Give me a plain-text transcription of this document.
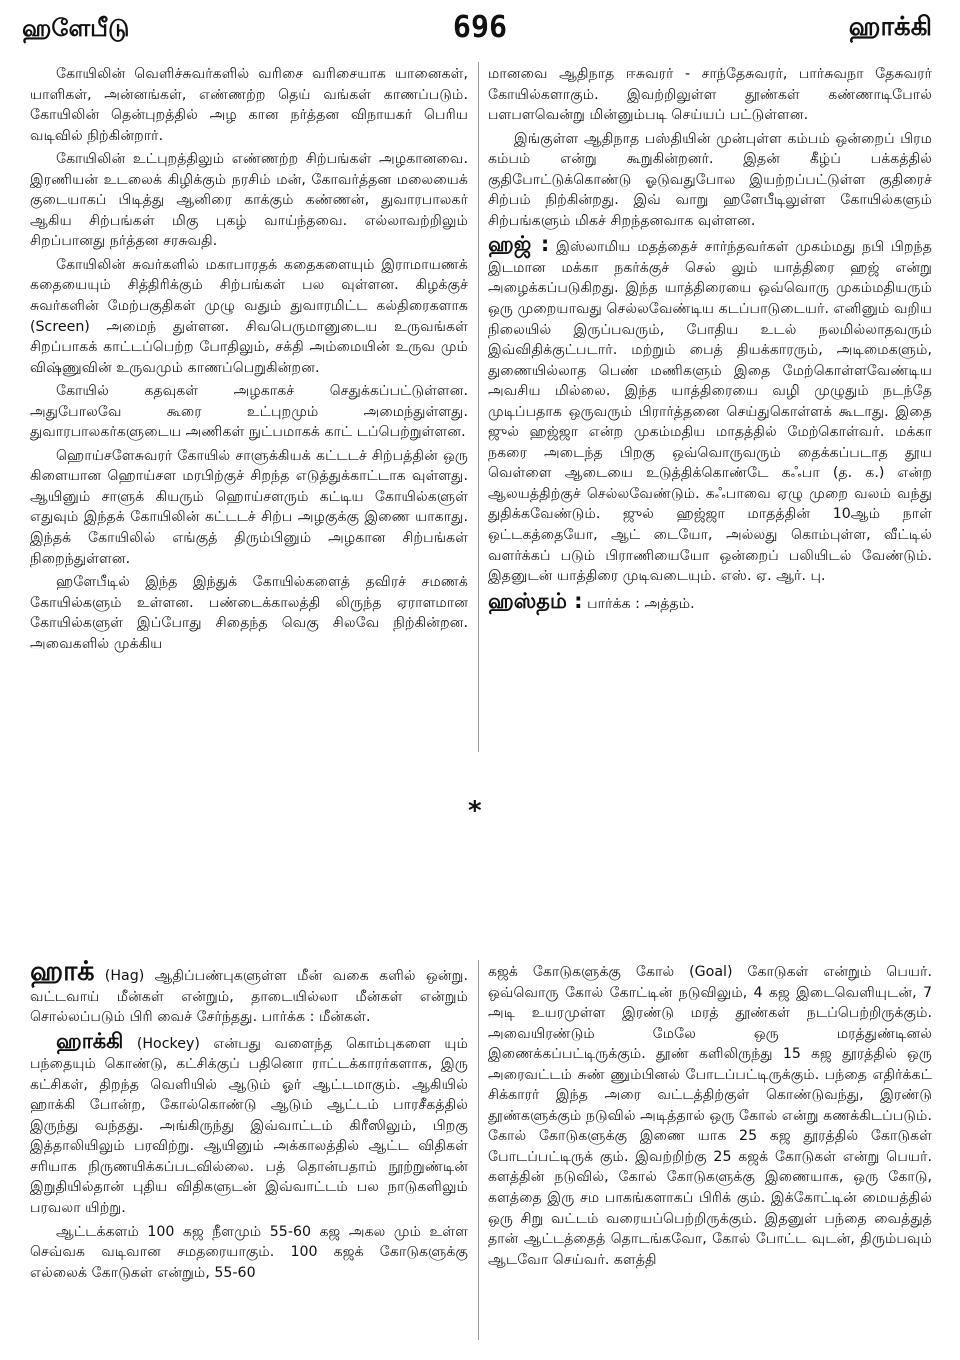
ஹளேபீடு	696	ஹாக்கி

கோயிலின் வெளிச்சுவர்களில் வரிசை வரிசையாக யானைகள், யாளிகள், அன்னங்கள், எண்ணற்ற தெய் வங்கள் காணப்படும். கோயிலின் தென்புறத்தில் அழ கான நர்த்தன விநாயகர் பெரிய வடிவில் நிற்கின்றார்.

கோயிலின் உட்புறத்திலும் எண்ணற்ற சிற்பங்கள் அழகானவை. இரணியன் உடலைக் கிழிக்கும் நரசிம் மன், கோவர்த்தன மலையைக் குடையாகப் பிடித்து ஆனிரை காக்கும் கண்ணன், துவாரபாலகர் ஆகிய சிற்பங்கள் மிகு புகழ் வாய்ந்தவை. எல்லாவற்றிலும் சிறப்பானது நர்த்தன சரசுவதி.

கோயிலின் சுவர்களில் மகாபாரதக் கதைகளையும் இராமாயணக் கதையையும் சித்திரிக்கும் சிற்பங்கள் பல வுள்ளன. கிழக்குச் சுவர்களின் மேற்பகுதிகள் முழு வதும் துவாரமிட்ட கல்திரைகளாக (Screen) அமைந் துள்ளன. சிவபெருமானுடைய உருவங்கள் சிறப்பாகக் காட்டப்பெற்ற போதிலும், சக்தி அம்மையின் உருவ மும் விஷ்ணுவின் உருவமும் காணப்பெறுகின்றன.

கோயில் கதவுகள் அழகாகச் செதுக்கப்பட்டுள்ளன. அதுபோலவே கூரை உட்புறமும் அமைந்துள்ளது. துவாரபாலகர்களுடைய அணிகள் நுட்பமாகக் காட் டப்பெற்றுள்ளன.

ஹொய்சளேசுவரர் கோயில் சாளுக்கியக் கட்டடச் சிற்பத்தின் ஒரு கிளையான ஹொய்சள மரபிற்குச் சிறந்த எடுத்துக்காட்டாக வுள்ளது. ஆயினும் சாளுக் கியரும் ஹொய்சளரும் கட்டிய கோயில்களுள் எதுவும் இந்தக் கோயிலின் கட்டடச் சிற்ப அழகுக்கு இணை யாகாது. இந்தக் கோயிலில் எங்குத் திரும்பினும் அழகான சிற்பங்கள் நிறைந்துள்ளன.

ஹளேபீடில் இந்த இந்துக் கோயில்களைத் தவிரச் சமணக் கோயில்களும் உள்ளன. பண்டைக்காலத்தி லிருந்த ஏராளமான கோயில்களுள் இப்போது சிதைந்த வெகு சிலவே நிற்கின்றன. அவைகளில் முக்கிய

மானவை ஆதிநாத ஈசுவரர் - சாந்தேசுவரர், பார்சுவநா தேசுவரர் கோயில்களாகும். இவற்றிலுள்ள தூண்கள் கண்ணாடிபோல் பளபளவென்று மின்னும்படி செய்யப் பட்டுள்ளன.

இங்குள்ள ஆதிநாத பஸ்தியின் முன்புள்ள கம்பம் ஒன்றைப் பிரம கம்பம் என்று கூறுகின்றனர். இதன் கீழ்ப் பக்கத்தில் குதிபோட்டுக்கொண்டு ஓடுவதுபோல இயற்றப்பட்டுள்ள குதிரைச் சிற்பம் நிற்கின்றது. இவ் வாறு ஹளேபீடிலுள்ள கோயில்களும் சிற்பங்களும் மிகச் சிறந்தனவாக வுள்ளன.

ஹஜ் : இஸ்லாமிய மதத்தைச் சார்ந்தவர்கள் முகம்மது நபி பிறந்த இடமான மக்கா நகர்க்குச் செல் லும் யாத்திரை ஹஜ் என்று அழைக்கப்படுகிறது. இந்த யாத்திரையை ஒவ்வொரு முகம்மதியரும் ஒரு முறையாவது செல்லவேண்டிய கடப்பாடுடையர். எனினும் வறிய நிலையில் இருப்பவரும், போதிய உடல் நலமில்லாதவரும் இவ்விதிக்குட்படார். மற்றும் பைத் தியக்காரரும், அடிமைகளும், துணையில்லாத பெண் மணிகளும் இதை மேற்கொள்ளவேண்டிய அவசிய மில்லை. இந்த யாத்திரையை வழி முழுதும் நடந்தே முடிப்பதாக ஒருவரும் பிரார்த்தனை செய்துகொள்ளக் கூடாது. இதை ஜுல் ஹஜ்ஜா என்ற முகம்மதிய மாதத்தில் மேற்கொள்வர். மக்கா நகரை அடைந்த பிறகு ஒவ்வொருவரும் தைக்கப்படாத தூய வெள்ளை ஆடையை உடுத்திக்கொண்டே கஃபா (த. க.) என்ற ஆலயத்திற்குச் செல்லவேண்டும். கஃபாவை ஏழு முறை வலம் வந்து துதிக்கவேண்டும். ஜுல் ஹஜ்ஜா மாதத்தின் 10ஆம் நாள் ஒட்டகத்தையோ, ஆட் டையோ, அல்லது கொம்புள்ள, வீட்டில் வளர்க்கப் படும் பிராணியையோ ஒன்றைப் பலியிடல் வேண்டும். இதனுடன் யாத்திரை முடிவடையும். எஸ். ஏ. ஆர். பு.

ஹஸ்தம் : பார்க்க : அத்தம்.

*

ஹாக் (Hag) ஆதிப்பண்புகளுள்ள மீன் வகை களில் ஒன்று. வட்டவாய் மீன்கள் என்றும், தாடையில்லா மீன்கள் என்றும் சொல்லப்படும் பிரி வைச் சேர்ந்தது. பார்க்க : மீன்கள்.

ஹாக்கி (Hockey) என்பது வளைந்த கொம்புகளை யும் பந்தையும் கொண்டு, கட்சிக்குப் பதினொ ராட்டக்காரர்களாக, இரு கட்சிகள், திறந்த வெளியில் ஆடும் ஓர் ஆட்டமாகும். ஆகியில் ஹாக்கி போன்ற, கோல்கொண்டு ஆடும் ஆட்டம் பாரசீகத்தில் இருந்து வந்தது. அங்கிருந்து இவ்வாட்டம் கிரீஸிலும், பிறகு இத்தாலியிலும் பரவிற்று. ஆயினும் அக்காலத்தில் ஆட்ட விதிகள் சரியாக நிருணயிக்கப்படவில்லை. பத் தொன்பதாம் நூற்றுண்டின் இறுதியில்தான் புதிய விதிகளுடன் இவ்வாட்டம் பல நாடுகளிலும் பரவலா யிற்று.

ஆட்டக்களம் 100 கஜ நீளமும் 55-60 கஜ அகல மும் உள்ள செவ்வக வடிவான சமதரையாகும். 100 கஜக் கோடுகளுக்கு எல்லைக் கோடுகள் என்றும், 55-60

கஜக் கோடுகளுக்கு கோல் (Goal) கோடுகள் என்றும் பெயர். ஒவ்வொரு கோல் கோட்டின் நடுவிலும், 4 கஜ இடைவெளியுடன், 7 அடி உயரமுள்ள இரண்டு மரத் தூண்கள் நடப்பெற்றிருக்கும். அவையிரண்டும் மேலே ஒரு மரத்துண்டினல் இணைக்கப்பட்டிருக்கும். தூண் களிலிருந்து 15 கஜ தூரத்தில் ஒரு அரைவட்டம் சுண் ணும்பினல் போடப்பட்டிருக்கும். பந்தை எதிர்க்கட் சிக்காரர் இந்த அரை வட்டத்திற்குள் கொண்டுவந்து, இரண்டு தூண்களுக்கும் நடுவில் அடித்தால் ஒரு கோல் என்று கணக்கிடப்படும். கோல் கோடுகளுக்கு இணை யாக 25 கஜ தூரத்தில் கோடுகள் போடப்பட்டிருக் கும். இவற்றிற்கு 25 கஜக் கோடுகள் என்று பெயர். களத்தின் நடுவில், கோல் கோடுகளுக்கு இணையாக, ஒரு கோடு, களத்தை இரு சம பாகங்களாகப் பிரிக் கும். இக்கோட்டின் மையத்தில் ஒரு சிறு வட்டம் வரையப்பெற்றிருக்கும். இதனுள் பந்தை வைத்துத் தான் ஆட்டத்தைத் தொடங்கவோ, கோல் போட்ட வுடன், திரும்பவும் ஆடவோ செய்வர். களத்தி
